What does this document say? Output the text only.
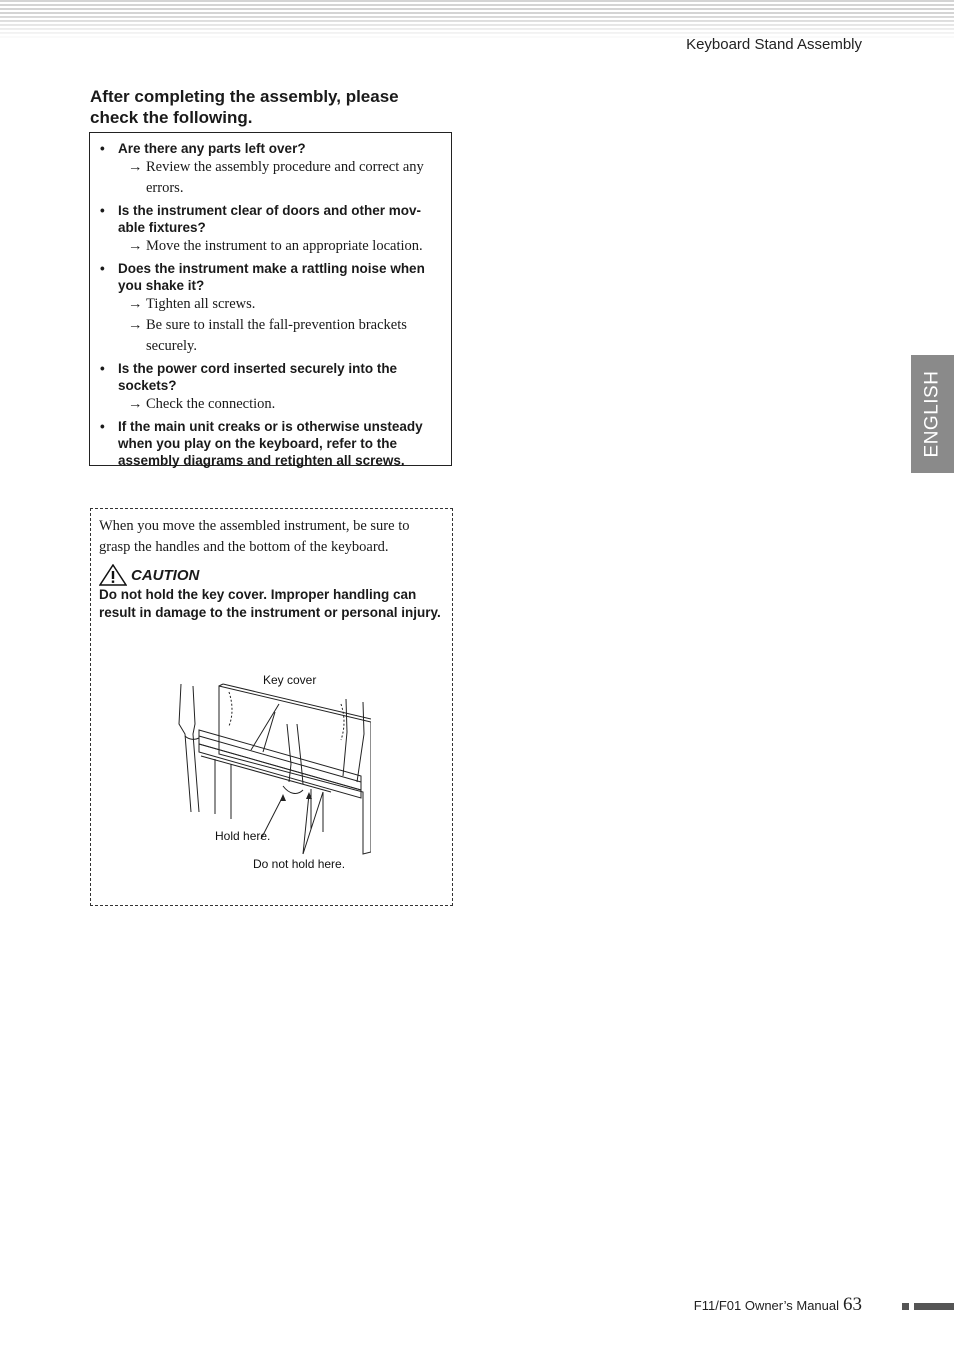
Keyboard Stand Assembly
ENGLISH
After completing the assembly, please check the following.
• Are there any parts left over?
→ Review the assembly procedure and correct any errors.
• Is the instrument clear of doors and other mov-able fixtures?
→ Move the instrument to an appropriate location.
• Does the instrument make a rattling noise when you shake it?
→ Tighten all screws.
→ Be sure to install the fall-prevention brackets securely.
• Is the power cord inserted securely into the sockets?
→ Check the connection.
• If the main unit creaks or is otherwise unsteady when you play on the keyboard, refer to the assembly diagrams and retighten all screws.
When you move the assembled instrument, be sure to grasp the handles and the bottom of the keyboard.
CAUTION
Do not hold the key cover. Improper handling can result in damage to the instrument or personal injury.
Key cover
Hold here.
Do not hold here.
F11/F01 Owner’s Manual 63
